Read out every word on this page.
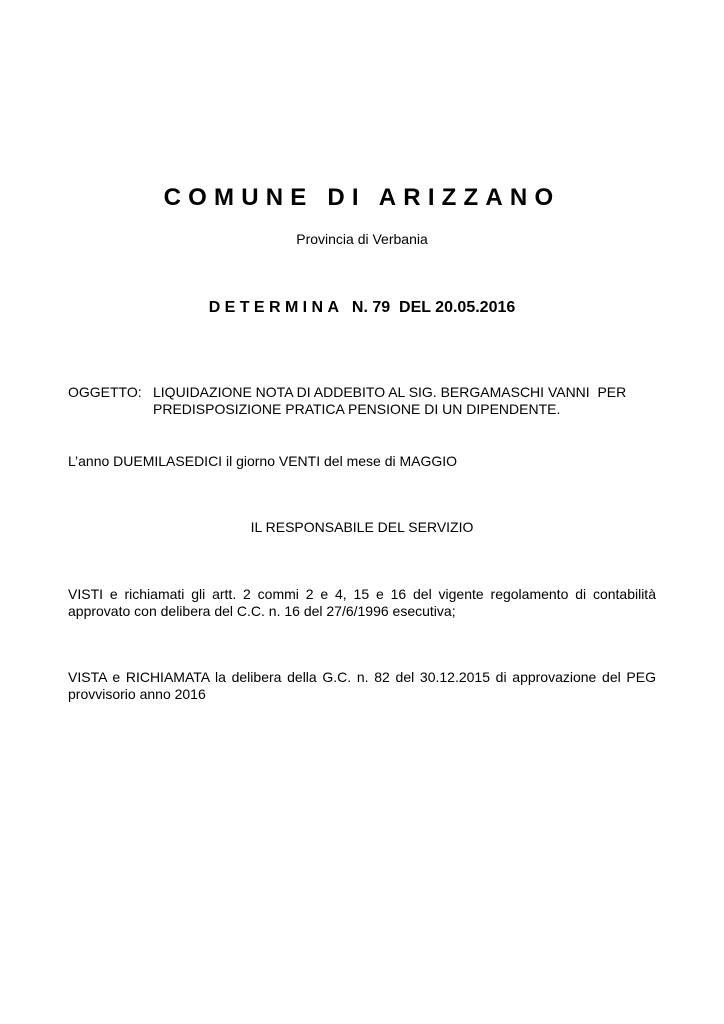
COMUNE DI ARIZZANO
Provincia di Verbania
DETERMINA N. 79  DEL 20.05.2016
OGGETTO: LIQUIDAZIONE NOTA DI ADDEBITO AL SIG. BERGAMASCHI VANNI  PER
PREDISPOSIZIONE PRATICA PENSIONE DI UN DIPENDENTE.
L’anno DUEMILASEDICI il giorno VENTI del mese di MAGGIO
IL RESPONSABILE DEL SERVIZIO
VISTI e richiamati gli artt. 2 commi 2 e 4, 15 e 16 del vigente regolamento di contabilità approvato con delibera del C.C. n. 16 del 27/6/1996 esecutiva;
VISTA e RICHIAMATA la delibera della G.C. n. 82 del 30.12.2015 di approvazione del PEG provvisorio anno 2016
